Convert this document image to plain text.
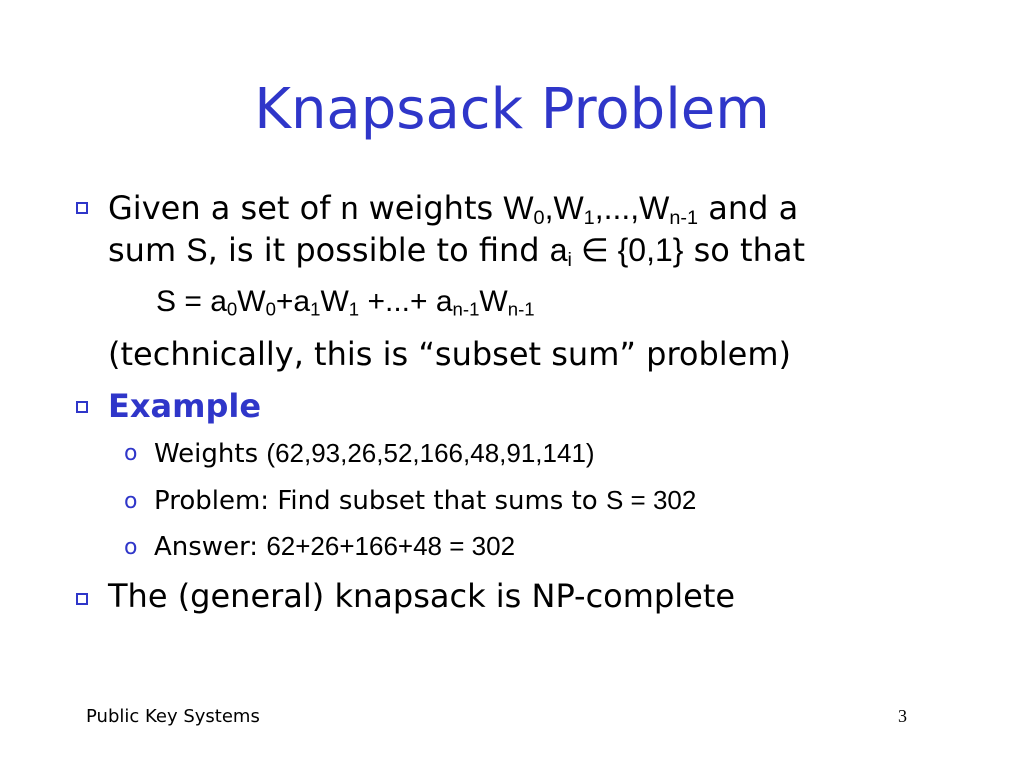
Knapsack Problem
Given a set of n weights $W_0,W_1,...,W_{n-1}$ and a
sum S, is it possible to find $a_i$ ∈ {0,1} so that
$S = a_0W_0+a_1W_1$ +...+ $a_{n-1}W_{n-1}$
(technically, this is “subset sum” problem)
Example
o Weights (62,93,26,52,166,48,91,141)
o Problem: Find subset that sums to S = 302
o Answer: 62+26+166+48 = 302
The (general) knapsack is NP-complete
Public Key Systems	3
